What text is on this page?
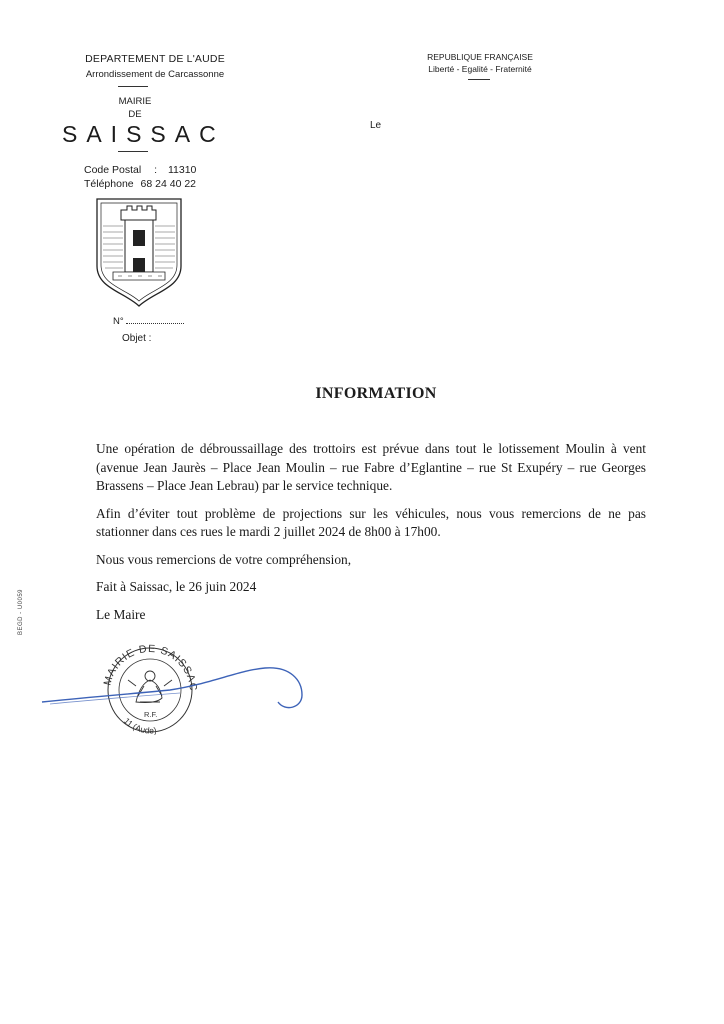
DEPARTEMENT DE L'AUDE
Arrondissement de Carcassonne
MAIRIE
DE
SAISSAC
Code Postal : 11310
Téléphone 68 24 40 22
REPUBLIQUE FRANÇAISE
Liberté - Egalité - Fraternité
Le
N°
Objet :
INFORMATION

Une opération de débroussaillage des trottoirs est prévue dans tout le lotissement Moulin à vent (avenue Jean Jaurès – Place Jean Moulin – rue Fabre d’Eglantine – rue St Exupéry – rue Georges Brassens – Place Jean Lebrau) par le service technique.

Afin d’éviter tout problème de projections sur les véhicules, nous vous remercions de ne pas stationner dans ces rues le mardi 2 juillet 2024 de 8h00 à 17h00.

Nous vous remercions de votre compréhension,

Fait à Saissac, le 26 juin 2024

Le Maire

BEGD - U0059
MAIRIE DE SAISSAC
R.F.
11 (Aude)
